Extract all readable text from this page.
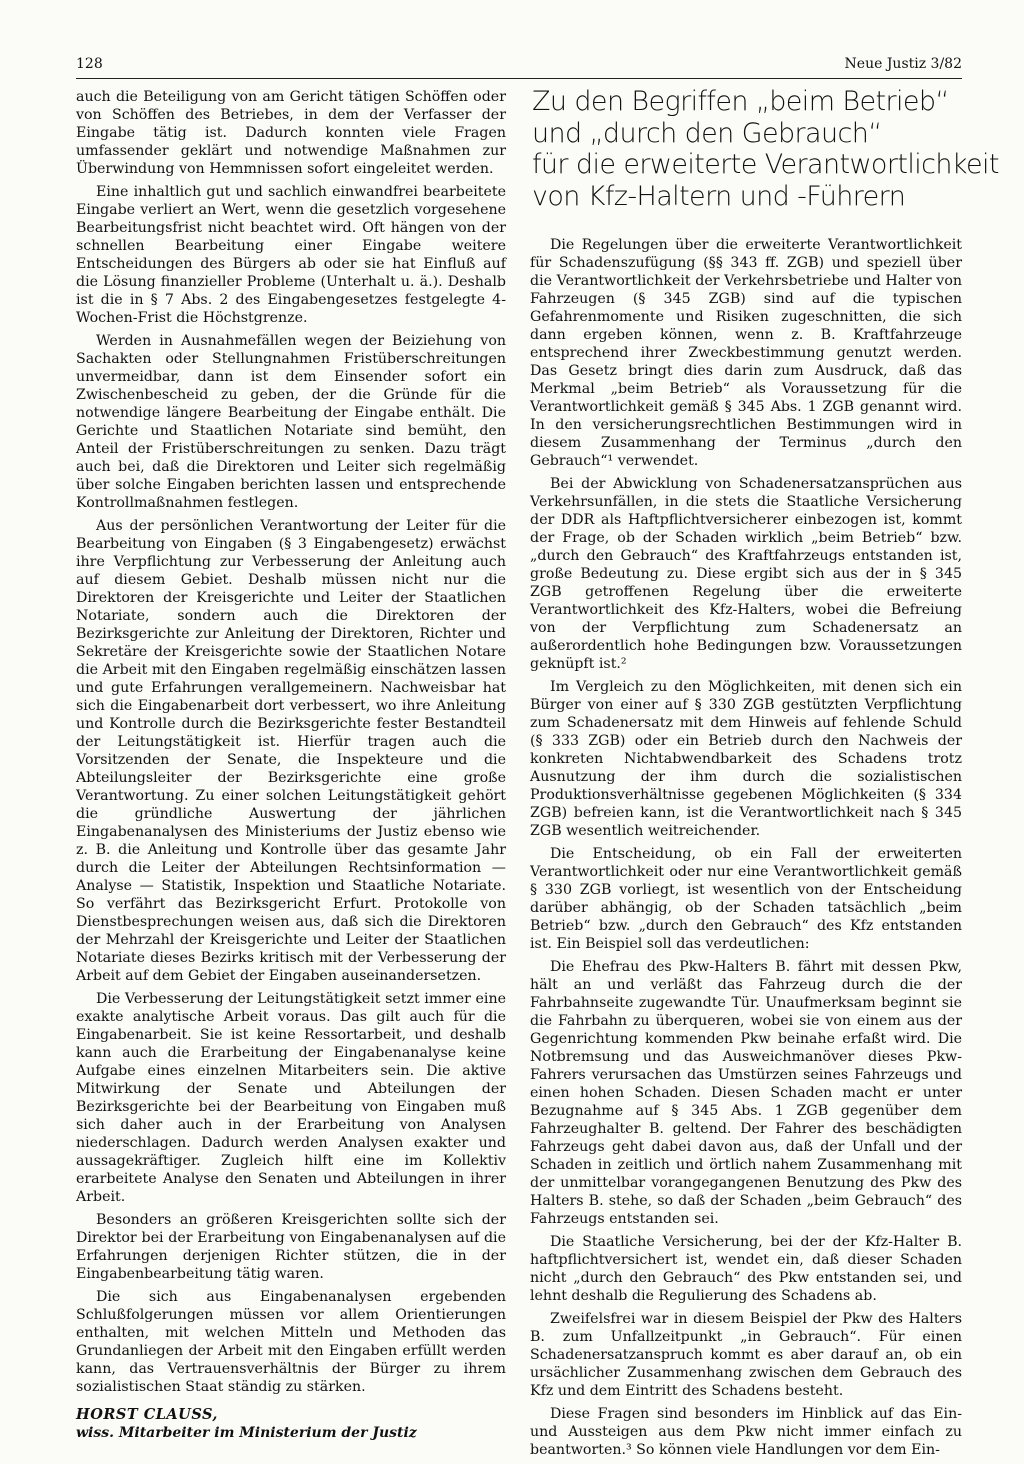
128	Neue Justiz 3/82

auch die Beteiligung von am Gericht tätigen Schöffen oder von Schöffen des Betriebes, in dem der Verfasser der Eingabe tätig ist. Dadurch konnten viele Fragen umfassender geklärt und notwendige Maßnahmen zur Überwindung von Hemmnissen sofort eingeleitet werden.

Eine inhaltlich gut und sachlich einwandfrei bearbeitete Eingabe verliert an Wert, wenn die gesetzlich vorgesehene Bearbeitungsfrist nicht beachtet wird. Oft hängen von der schnellen Bearbeitung einer Eingabe weitere Entscheidungen des Bürgers ab oder sie hat Einfluß auf die Lösung finanzieller Probleme (Unterhalt u. ä.). Deshalb ist die in § 7 Abs. 2 des Eingabengesetzes festgelegte 4-Wochen-Frist die Höchstgrenze.

Werden in Ausnahmefällen wegen der Beiziehung von Sachakten oder Stellungnahmen Fristüberschreitungen unvermeidbar, dann ist dem Einsender sofort ein Zwischenbescheid zu geben, der die Gründe für die notwendige längere Bearbeitung der Eingabe enthält. Die Gerichte und Staatlichen Notariate sind bemüht, den Anteil der Fristüberschreitungen zu senken. Dazu trägt auch bei, daß die Direktoren und Leiter sich regelmäßig über solche Eingaben berichten lassen und entsprechende Kontrollmaßnahmen festlegen.

Aus der persönlichen Verantwortung der Leiter für die Bearbeitung von Eingaben (§ 3 Eingabengesetz) erwächst ihre Verpflichtung zur Verbesserung der Anleitung auch auf diesem Gebiet. Deshalb müssen nicht nur die Direktoren der Kreisgerichte und Leiter der Staatlichen Notariate, sondern auch die Direktoren der Bezirksgerichte zur Anleitung der Direktoren, Richter und Sekretäre der Kreisgerichte sowie der Staatlichen Notare die Arbeit mit den Eingaben regelmäßig einschätzen lassen und gute Erfahrungen verallgemeinern. Nachweisbar hat sich die Eingabenarbeit dort verbessert, wo ihre Anleitung und Kontrolle durch die Bezirksgerichte fester Bestandteil der Leitungstätigkeit ist. Hierfür tragen auch die Vorsitzenden der Senate, die Inspekteure und die Abteilungsleiter der Bezirksgerichte eine große Verantwortung. Zu einer solchen Leitungstätigkeit gehört die gründliche Auswertung der jährlichen Eingabenanalysen des Ministeriums der Justiz ebenso wie z. B. die Anleitung und Kontrolle über das gesamte Jahr durch die Leiter der Abteilungen Rechtsinformation — Analyse — Statistik, Inspektion und Staatliche Notariate. So verfährt das Bezirksgericht Erfurt. Protokolle von Dienstbesprechungen weisen aus, daß sich die Direktoren der Mehrzahl der Kreisgerichte und Leiter der Staatlichen Notariate dieses Bezirks kritisch mit der Verbesserung der Arbeit auf dem Gebiet der Eingaben auseinandersetzen.

Die Verbesserung der Leitungstätigkeit setzt immer eine exakte analytische Arbeit voraus. Das gilt auch für die Eingabenarbeit. Sie ist keine Ressortarbeit, und deshalb kann auch die Erarbeitung der Eingabenanalyse keine Aufgabe eines einzelnen Mitarbeiters sein. Die aktive Mitwirkung der Senate und Abteilungen der Bezirksgerichte bei der Bearbeitung von Eingaben muß sich daher auch in der Erarbeitung von Analysen niederschlagen. Dadurch werden Analysen exakter und aussagekräftiger. Zugleich hilft eine im Kollektiv erarbeitete Analyse den Senaten und Abteilungen in ihrer Arbeit.

Besonders an größeren Kreisgerichten sollte sich der Direktor bei der Erarbeitung von Eingabenanalysen auf die Erfahrungen derjenigen Richter stützen, die in der Eingabenbearbeitung tätig waren.

Die sich aus Eingabenanalysen ergebenden Schlußfolgerungen müssen vor allem Orientierungen enthalten, mit welchen Mitteln und Methoden das Grundanliegen der Arbeit mit den Eingaben erfüllt werden kann, das Vertrauensverhältnis der Bürger zu ihrem sozialistischen Staat ständig zu stärken.

HORST CLAUSS,
wiss. Mitarbeiter im Ministerium der Justiz
Zu den Begriffen „beim Betrieb“
und „durch den Gebrauch“
für die erweiterte Verantwortlichkeit
von Kfz-Haltern und -Führern

Die Regelungen über die erweiterte Verantwortlichkeit für Schadenszufügung (§§ 343 ff. ZGB) und speziell über die Verantwortlichkeit der Verkehrsbetriebe und Halter von Fahrzeugen (§ 345 ZGB) sind auf die typischen Gefahrenmomente und Risiken zugeschnitten, die sich dann ergeben können, wenn z. B. Kraftfahrzeuge entsprechend ihrer Zweckbestimmung genutzt werden. Das Gesetz bringt dies darin zum Ausdruck, daß das Merkmal „beim Betrieb“ als Voraussetzung für die Verantwortlichkeit gemäß § 345 Abs. 1 ZGB genannt wird. In den versicherungsrechtlichen Bestimmungen wird in diesem Zusammenhang der Terminus „durch den Gebrauch“¹ verwendet.

Bei der Abwicklung von Schadenersatzansprüchen aus Verkehrsunfällen, in die stets die Staatliche Versicherung der DDR als Haftpflichtversicherer einbezogen ist, kommt der Frage, ob der Schaden wirklich „beim Betrieb“ bzw. „durch den Gebrauch“ des Kraftfahrzeugs entstanden ist, große Bedeutung zu. Diese ergibt sich aus der in § 345 ZGB getroffenen Regelung über die erweiterte Verantwortlichkeit des Kfz-Halters, wobei die Befreiung von der Verpflichtung zum Schadenersatz an außerordentlich hohe Bedingungen bzw. Voraussetzungen geknüpft ist.²

Im Vergleich zu den Möglichkeiten, mit denen sich ein Bürger von einer auf § 330 ZGB gestützten Verpflichtung zum Schadenersatz mit dem Hinweis auf fehlende Schuld (§ 333 ZGB) oder ein Betrieb durch den Nachweis der konkreten Nichtabwendbarkeit des Schadens trotz Ausnutzung der ihm durch die sozialistischen Produktionsverhältnisse gegebenen Möglichkeiten (§ 334 ZGB) befreien kann, ist die Verantwortlichkeit nach § 345 ZGB wesentlich weitreichender.

Die Entscheidung, ob ein Fall der erweiterten Verantwortlichkeit oder nur eine Verantwortlichkeit gemäß § 330 ZGB vorliegt, ist wesentlich von der Entscheidung darüber abhängig, ob der Schaden tatsächlich „beim Betrieb“ bzw. „durch den Gebrauch“ des Kfz entstanden ist. Ein Beispiel soll das verdeutlichen:

Die Ehefrau des Pkw-Halters B. fährt mit dessen Pkw, hält an und verläßt das Fahrzeug durch die der Fahrbahnseite zugewandte Tür. Unaufmerksam beginnt sie die Fahrbahn zu überqueren, wobei sie von einem aus der Gegenrichtung kommenden Pkw beinahe erfaßt wird. Die Notbremsung und das Ausweichmanöver dieses Pkw-Fahrers verursachen das Umstürzen seines Fahrzeugs und einen hohen Schaden. Diesen Schaden macht er unter Bezugnahme auf § 345 Abs. 1 ZGB gegenüber dem Fahrzeughalter B. geltend. Der Fahrer des beschädigten Fahrzeugs geht dabei davon aus, daß der Unfall und der Schaden in zeitlich und örtlich nahem Zusammenhang mit der unmittelbar vorangegangenen Benutzung des Pkw des Halters B. stehe, so daß der Schaden „beim Gebrauch“ des Fahrzeugs entstanden sei.

Die Staatliche Versicherung, bei der der Kfz-Halter B. haftpflichtversichert ist, wendet ein, daß dieser Schaden nicht „durch den Gebrauch“ des Pkw entstanden sei, und lehnt deshalb die Regulierung des Schadens ab.

Zweifelsfrei war in diesem Beispiel der Pkw des Halters B. zum Unfallzeitpunkt „in Gebrauch“. Für einen Schadenersatzanspruch kommt es aber darauf an, ob ein ursächlicher Zusammenhang zwischen dem Gebrauch des Kfz und dem Eintritt des Schadens besteht.

Diese Fragen sind besonders im Hinblick auf das Ein- und Aussteigen aus dem Pkw nicht immer einfach zu beantworten.³ So können viele Handlungen vor dem Ein-
